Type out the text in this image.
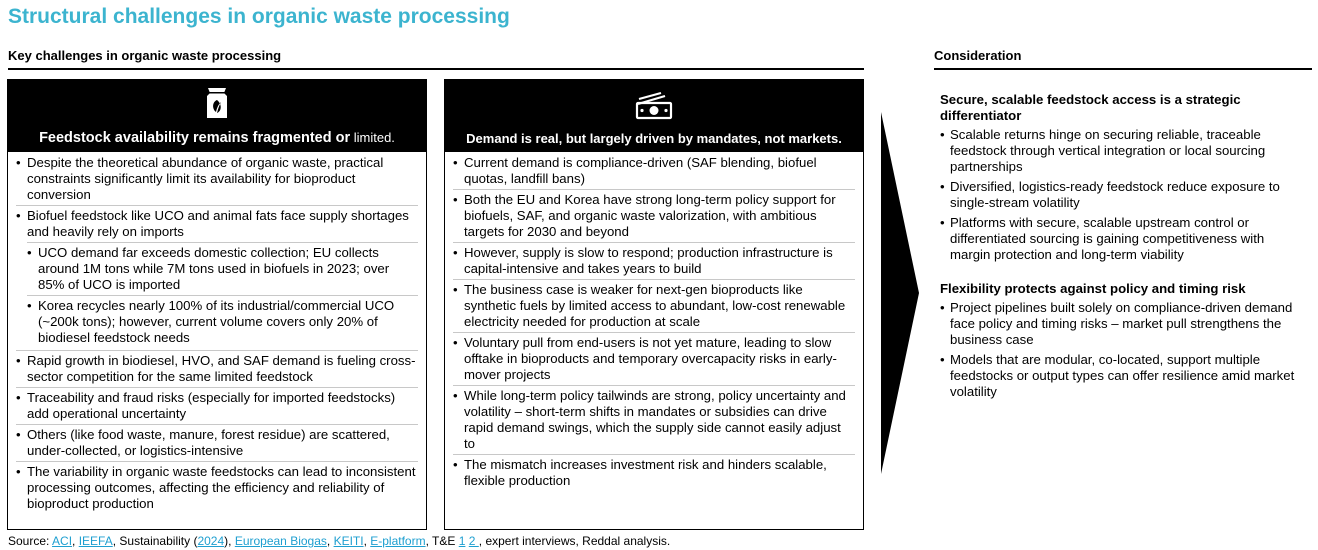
Structural challenges in organic waste processing
Key challenges in organic waste processing	Consideration
Feedstock availability remains fragmented or limited.
• Despite the theoretical abundance of organic waste, practical constraints significantly limit its availability for bioproduct conversion
• Biofuel feedstock like UCO and animal fats face supply shortages and heavily rely on imports
• UCO demand far exceeds domestic collection; EU collects around 1M tons while 7M tons used in biofuels in 2023; over 85% of UCO is imported
• Korea recycles nearly 100% of its industrial/commercial UCO (~200k tons); however, current volume covers only 20% of biodiesel feedstock needs
• Rapid growth in biodiesel, HVO, and SAF demand is fueling cross-sector competition for the same limited feedstock
• Traceability and fraud risks (especially for imported feedstocks) add operational uncertainty
• Others (like food waste, manure, forest residue) are scattered, under-collected, or logistics-intensive
• The variability in organic waste feedstocks can lead to inconsistent processing outcomes, affecting the efficiency and reliability of bioproduct production
Demand is real, but largely driven by mandates, not markets.
• Current demand is compliance-driven (SAF blending, biofuel quotas, landfill bans)
• Both the EU and Korea have strong long-term policy support for biofuels, SAF, and organic waste valorization, with ambitious targets for 2030 and beyond
• However, supply is slow to respond; production infrastructure is capital-intensive and takes years to build
• The business case is weaker for next-gen bioproducts like synthetic fuels by limited access to abundant, low-cost renewable electricity needed for production at scale
• Voluntary pull from end-users is not yet mature, leading to slow offtake in bioproducts and temporary overcapacity risks in early-mover projects
• While long-term policy tailwinds are strong, policy uncertainty and volatility – short-term shifts in mandates or subsidies can drive rapid demand swings, which the supply side cannot easily adjust to
• The mismatch increases investment risk and hinders scalable, flexible production
Secure, scalable feedstock access is a strategic differentiator
• Scalable returns hinge on securing reliable, traceable feedstock through vertical integration or local sourcing partnerships
• Diversified, logistics-ready feedstock reduce exposure to single-stream volatility
• Platforms with secure, scalable upstream control or differentiated sourcing is gaining competitiveness with margin protection and long-term viability
Flexibility protects against policy and timing risk
• Project pipelines built solely on compliance-driven demand face policy and timing risks – market pull strengthens the business case
• Models that are modular, co-located, support multiple feedstocks or output types can offer resilience amid market volatility
Source: ACI, IEEFA, Sustainability (2024), European Biogas, KEITI, E-platform, T&E 1 2 , expert interviews, Reddal analysis.
